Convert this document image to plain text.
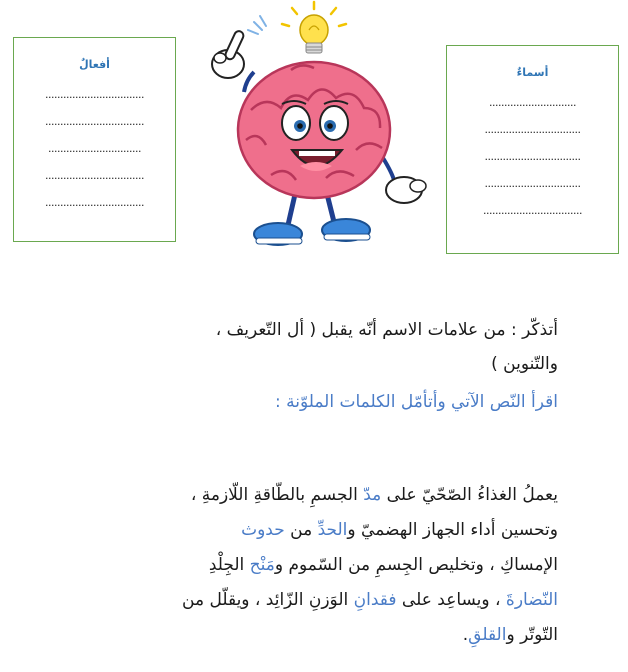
أفعالٌ
.................................
.................................
...............................
.................................
.................................
أسماءٌ
.............................
................................
................................
................................
.................................
أتذكّر : من علامات الاسم أنّه يقبل ( أل التّعريف ،
والتّنوين )
اقرأ النّص الآتي وأتأمّل الكلمات الملوّنة :
يعملُ الغذاءُ الصّحّيّ على مدّ الجسمِ بالطّاقةِ اللّازمةِ ،
وتحسين أداء الجهاز الهضميّ والحدِّ من حدوث
الإمساكِ ، وتخليص الجِسمِ من السّموم ومَنْح الجِلْدِ
النّضارةَ ، ويساعِد على فقدانِ الوَزنِ الزّائِد ، ويقلّل من
التّوتّر والقلقِ.
